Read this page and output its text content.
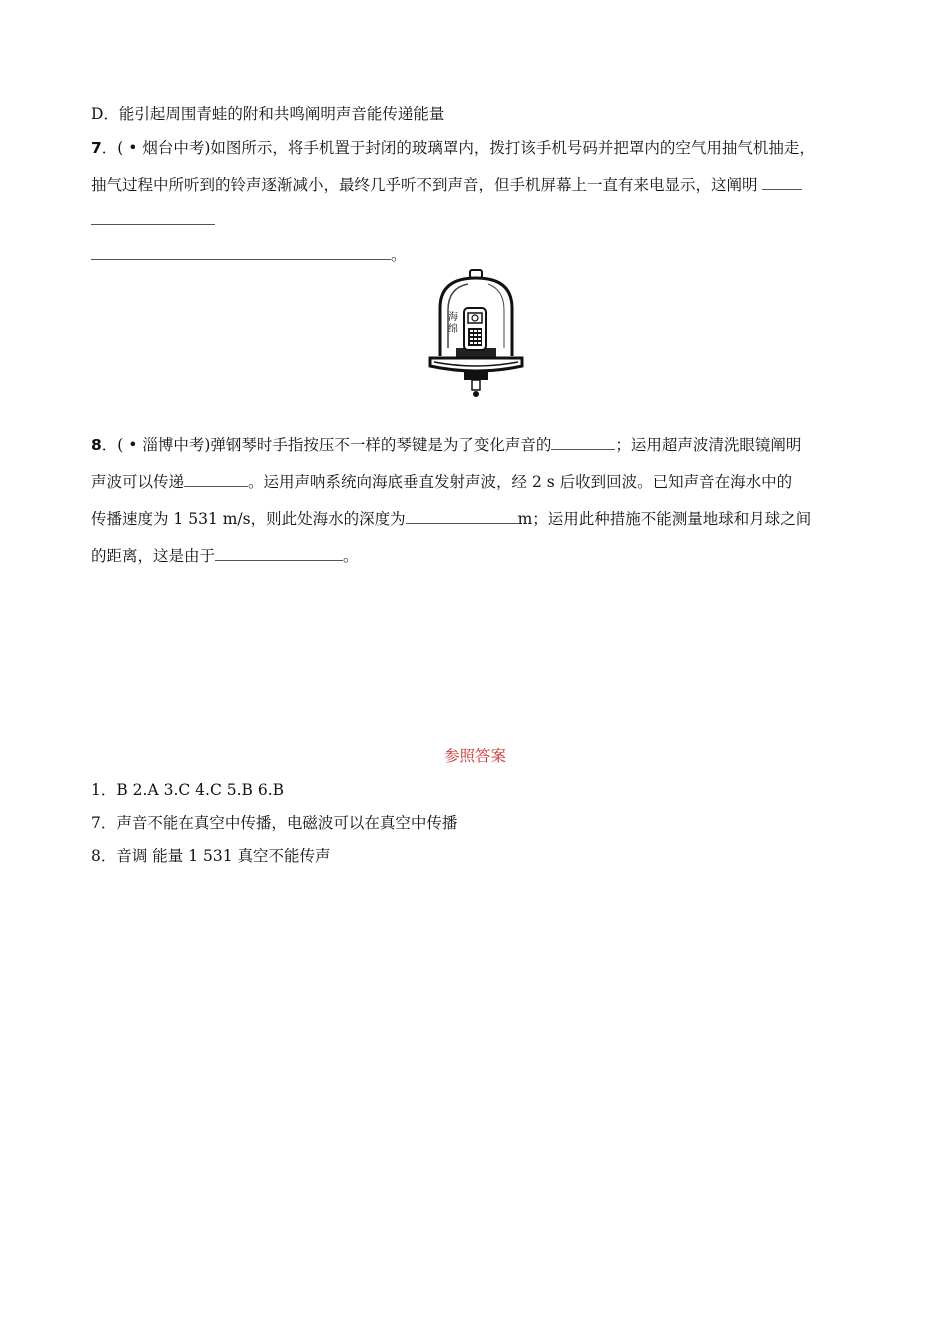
D．能引起周围青蛙的附和共鸣阐明声音能传递能量
7．( • 烟台中考)如图所示，将手机置于封闭的玻璃罩内，拨打该手机号码并把罩内的空气用抽气机抽走，
抽气过程中所听到的铃声逐渐减小，最终几乎听不到声音，但手机屏幕上一直有来电显示，这阐明
。
海
绵
8．( • 淄博中考)弹钢琴时手指按压不一样的琴键是为了变化声音的	；运用超声波清洗眼镜阐明
声波可以传递	。运用声呐系统向海底垂直发射声波，经 2 s 后收到回波。已知声音在海水中的
传播速度为 1 531 m/s，则此处海水的深度为	m；运用此种措施不能测量地球和月球之间
的距离，这是由于	。
参照答案
1．B 2.A 3.C 4.C 5.B 6.B
7．声音不能在真空中传播，电磁波可以在真空中传播
8．音调 能量 1 531 真空不能传声
